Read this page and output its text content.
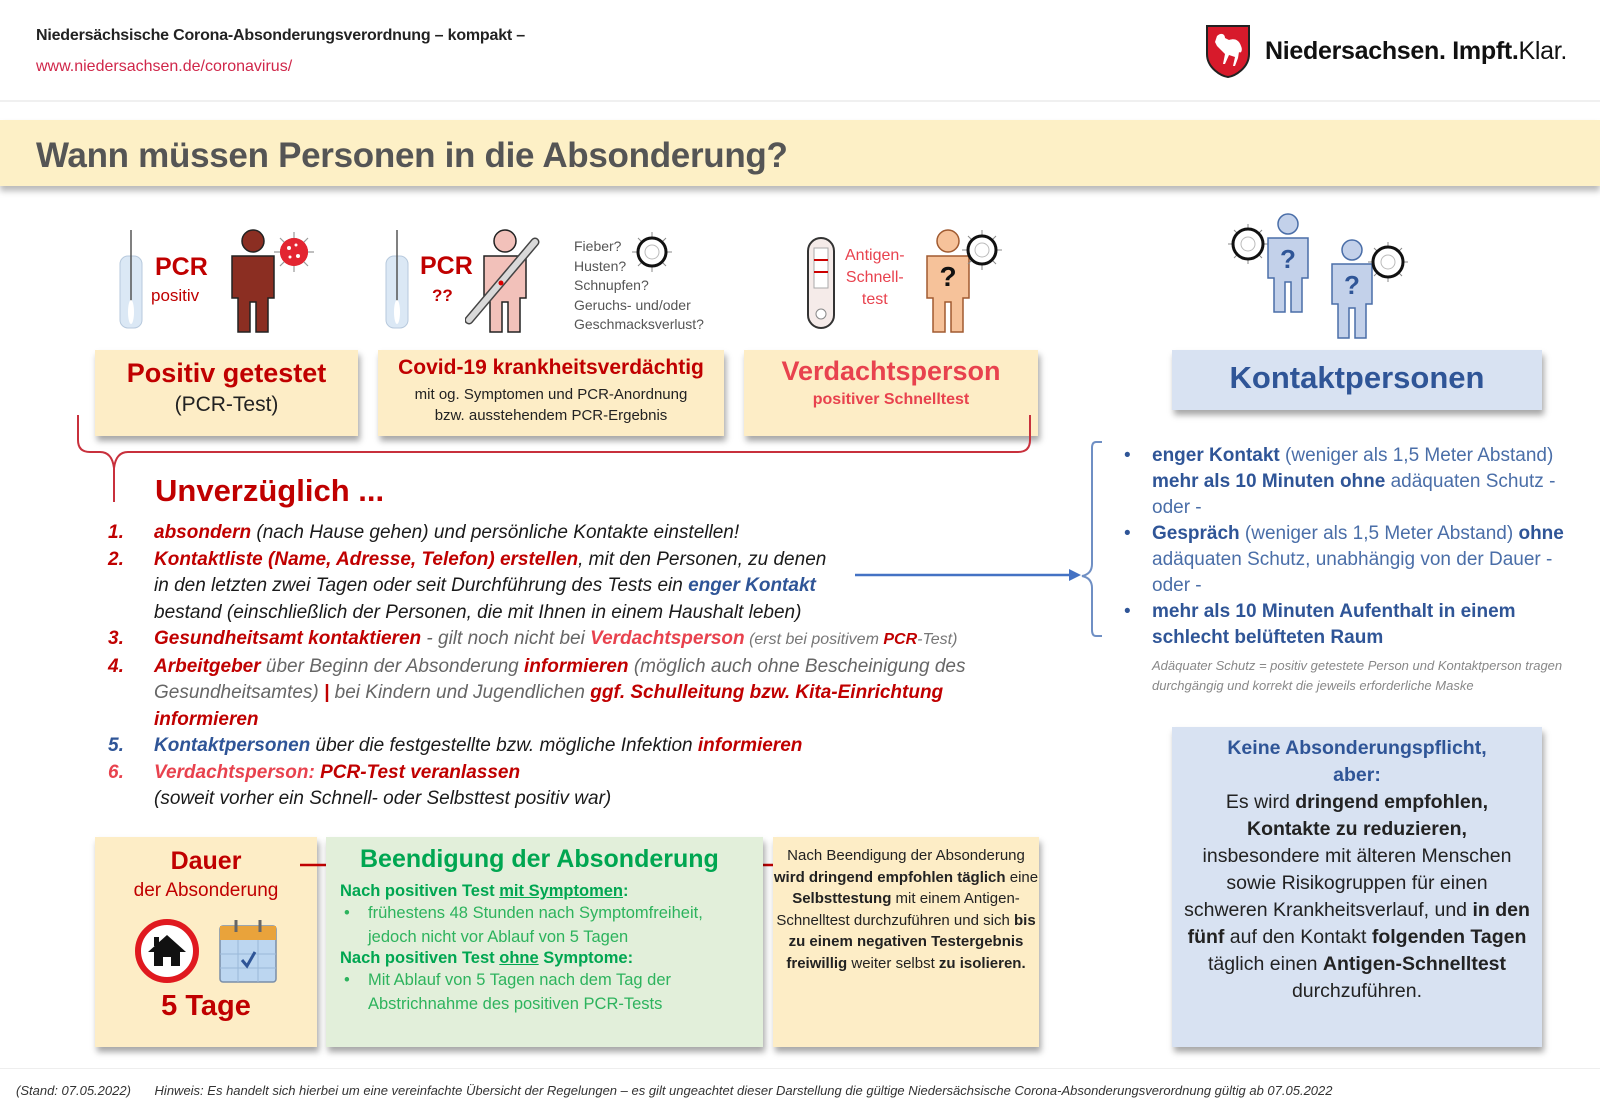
Niedersächsische Corona-Absonderungsverordnung – kompakt –
www.niedersachsen.de/coronavirus/
Niedersachsen. Impft.Klar.
Wann müssen Personen in die Absonderung?
PCR
positiv
PCR
??
Fieber?
Husten?
Schnupfen?
Geruchs- und/oder
Geschmacksverlust?
Antigen-
Schnell-
test
?
?
?
Positiv getestet
(PCR-Test)
Covid-19 krankheitsverdächtig
mit og. Symptomen und PCR-Anordnung
bzw. ausstehendem PCR-Ergebnis
Verdachtsperson
positiver Schnelltest
Kontaktpersonen
Unverzüglich ...
1.	absondern (nach Hause gehen) und persönliche Kontakte einstellen!
2.	Kontaktliste (Name, Adresse, Telefon) erstellen, mit den Personen, zu denen
in den letzten zwei Tagen oder seit Durchführung des Tests ein enger Kontakt
bestand (einschließlich der Personen, die mit Ihnen in einem Haushalt leben)
3.	Gesundheitsamt kontaktieren - gilt noch nicht bei Verdachtsperson (erst bei positivem PCR-Test)
4.	Arbeitgeber über Beginn der Absonderung informieren (möglich auch ohne Bescheinigung des
Gesundheitsamtes) | bei Kindern und Jugendlichen ggf. Schulleitung bzw. Kita-Einrichtung
informieren
5.	Kontaktpersonen über die festgestellte bzw. mögliche Infektion informieren
6.	Verdachtsperson: PCR-Test veranlassen
(soweit vorher ein Schnell- oder Selbsttest positiv war)
• enger Kontakt (weniger als 1,5 Meter Abstand) mehr als 10 Minuten ohne adäquaten Schutz -
oder -
• Gespräch (weniger als 1,5 Meter Abstand) ohne adäquaten Schutz, unabhängig von der Dauer -
oder -
• mehr als 10 Minuten Aufenthalt in einem schlecht belüfteten Raum
Adäquater Schutz = positiv getestete Person und Kontaktperson tragen durchgängig und korrekt die jeweils erforderliche Maske
Keine Absonderungspflicht,
aber:
Es wird dringend empfohlen,
Kontakte zu reduzieren,
insbesondere mit älteren Menschen sowie Risikogruppen für einen schweren Krankheitsverlauf, und in den fünf auf den Kontakt folgenden Tagen täglich einen Antigen-Schnelltest durchzuführen.
Dauer
der Absonderung
5 Tage
Beendigung der Absonderung
Nach positiven Test mit Symptomen:
• frühestens 48 Stunden nach Symptomfreiheit, jedoch nicht vor Ablauf von 5 Tagen
Nach positiven Test ohne Symptome:
• Mit Ablauf von 5 Tagen nach dem Tag der Abstrichnahme des positiven PCR-Tests
Nach Beendigung der Absonderung wird dringend empfohlen täglich eine Selbsttestung mit einem Antigen-Schnelltest durchzuführen und sich bis zu einem negativen Testergebnis freiwillig weiter selbst zu isolieren.
(Stand: 07.05.2022) Hinweis: Es handelt sich hierbei um eine vereinfachte Übersicht der Regelungen – es gilt ungeachtet dieser Darstellung die gültige Niedersächsische Corona-Absonderungsverordnung gültig ab 07.05.2022
